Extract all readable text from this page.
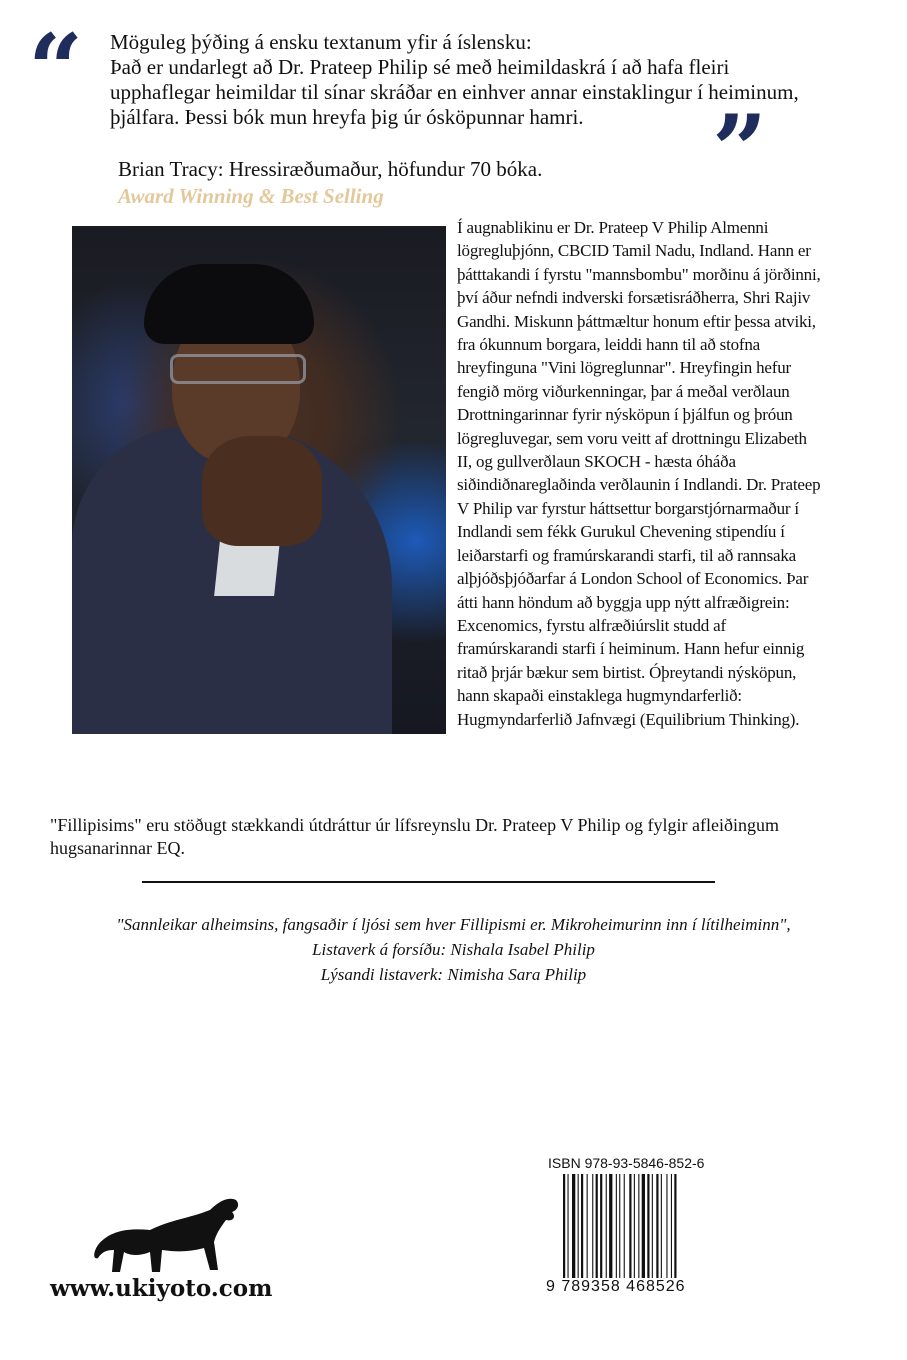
“
”

Möguleg þýðing á ensku textanum yfir á íslensku:

Það er undarlegt að Dr. Prateep Philip sé með heimildaskrá í að hafa fleiri upphaflegar heimildar til sínar skráðar en einhver annar einstaklingur í heiminum, þjálfara. Þessi bók mun hreyfa þig úr ósköpunnar hamri.

Brian Tracy: Hressiræðumaður, höfundur 70 bóka.
Award Winning & Best Selling

Í augnablikinu er Dr. Prateep V Philip Almenni lögregluþjónn, CBCID Tamil Nadu, Indland. Hann er þátttakandi í fyrstu "mannsbombu" morðinu á jörðinni, því áður nefndi indverski forsætisráðherra, Shri Rajiv Gandhi. Miskunn þáttmæltur honum eftir þessa atviki, fra ókunnum borgara, leiddi hann til að stofna hreyfinguna "Vini lögreglunnar". Hreyfingin hefur fengið mörg viðurkenningar, þar á meðal verðlaun Drottningarinnar fyrir nýsköpun í þjálfun og þróun lögregluvegar, sem voru veitt af drottningu Elizabeth II, og gullverðlaun SKOCH - hæsta óháða siðindiðnareglaðinda verðlaunin í Indlandi. Dr. Prateep V Philip var fyrstur háttsettur borgarstjórnarmaður í Indlandi sem fékk Gurukul Chevening stipendíu í leiðarstarfi og framúrskarandi starfi, til að rannsaka alþjóðsþjóðarfar á London School of Economics. Þar átti hann höndum að byggja upp nýtt alfræðigrein: Excenomics, fyrstu alfræðiúrslit studd af framúrskarandi starfi í heiminum. Hann hefur einnig ritað þrjár bækur sem birtist. Óþreytandi nýsköpun, hann skapaði einstaklega hugmyndarferlið: Hugmyndarferlið Jafnvægi (Equilibrium Thinking).

"Fillipisims" eru stöðugt stækkandi útdráttur úr lífsreynslu Dr. Prateep V Philip og fylgir afleiðingum hugsanarinnar EQ.

"Sannleikar alheimsins, fangsaðir í ljósi sem hver Fillipismi er. Mikroheimurinn inn í lítilheiminn",

Listaverk á forsíðu: Nishala Isabel Philip

Lýsandi listaverk: Nimisha Sara Philip

www.ukiyoto.com
ISBN 978-93-5846-852-6
9 789358 468526
